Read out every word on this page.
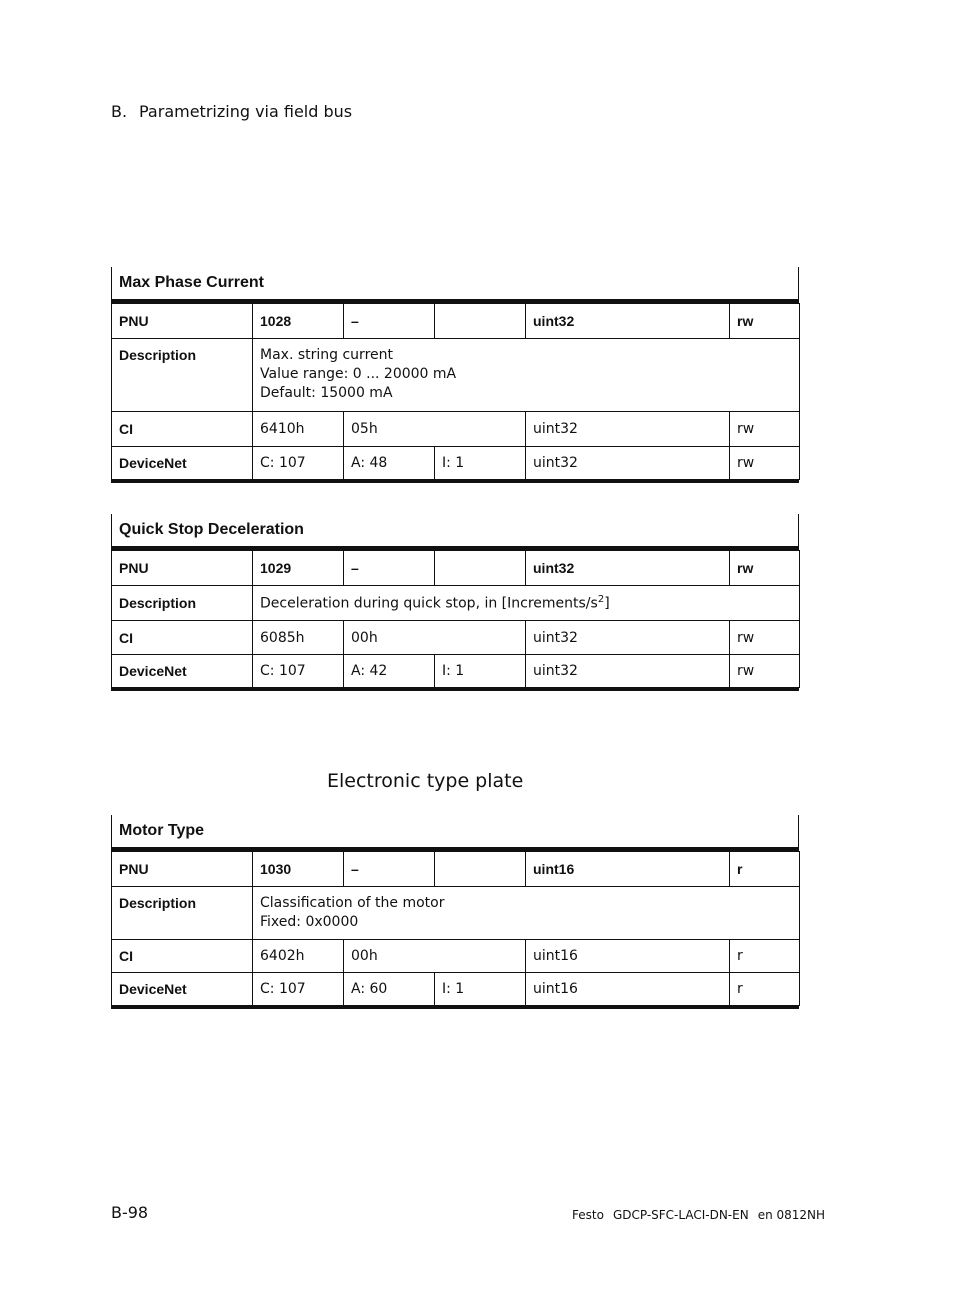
B. Parametrizing via field bus
Max Phase Current
PNU	1028	–		uint32	rw
Description	Max. string current
Value range: 0 ... 20000 mA
Default: 15000 mA				

CI	6410h	05h		uint32	rw
DeviceNet	C: 107	A: 48	I: 1	uint32	rw
Quick Stop Deceleration
PNU	1029	–		uint32	rw
Description	Deceleration during quick stop, in $[Increments/s^2]$				
CI	6085h	00h		uint32	rw
DeviceNet	C: 107	A: 42	I: 1	uint32	rw
Electronic type plate
Motor Type
PNU	1030	–		uint16	r
Description	Classification of the motor
Fixed: 0x0000				

CI	6402h	00h		uint16	r
DeviceNet	C: 107	A: 60	I: 1	uint16	r
B-98	Festo GDCP-SFC-LACI-DN-EN en 0812NH
